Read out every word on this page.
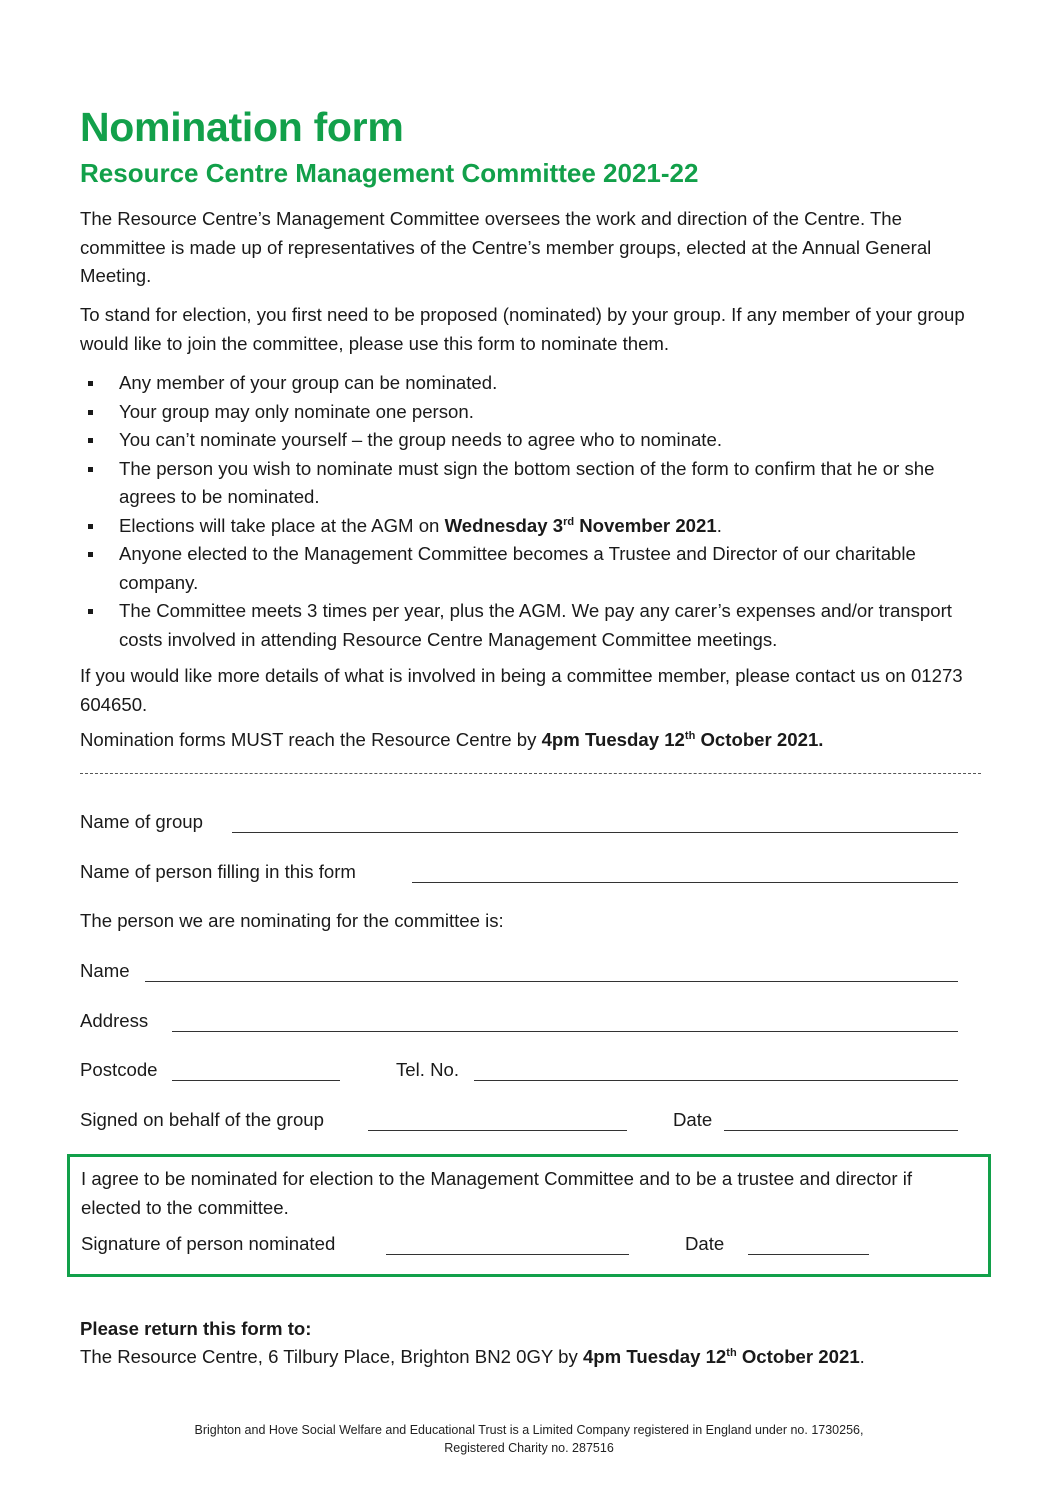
Nomination form
Resource Centre Management Committee 2021-22

The Resource Centre’s Management Committee oversees the work and direction of the Centre. The committee is made up of representatives of the Centre’s member groups, elected at the Annual General Meeting.

To stand for election, you first need to be proposed (nominated) by your group. If any member of your group would like to join the committee, please use this form to nominate them.

Any member of your group can be nominated.
Your group may only nominate one person.
You can’t nominate yourself – the group needs to agree who to nominate.
The person you wish to nominate must sign the bottom section of the form to confirm that he or she agrees to be nominated.
Elections will take place at the AGM on Wednesday 3rd November 2021.
Anyone elected to the Management Committee becomes a Trustee and Director of our charitable company.
The Committee meets 3 times per year, plus the AGM. We pay any carer’s expenses and/or transport costs involved in attending Resource Centre Management Committee meetings.

If you would like more details of what is involved in being a committee member, please contact us on 01273 604650.

Nomination forms MUST reach the Resource Centre by 4pm Tuesday 12th October 2021.

Name of group
Name of person filling in this form
The person we are nominating for the committee is:
Name
Address
Postcode	Tel. No.
Signed on behalf of the group	Date

I agree to be nominated for election to the Management Committee and to be a trustee and director if elected to the committee.

Signature of person nominated	Date

Please return this form to:

The Resource Centre, 6 Tilbury Place, Brighton BN2 0GY by 4pm Tuesday 12th October 2021.

Brighton and Hove Social Welfare and Educational Trust is a Limited Company registered in England under no. 1730256,
Registered Charity no. 287516
